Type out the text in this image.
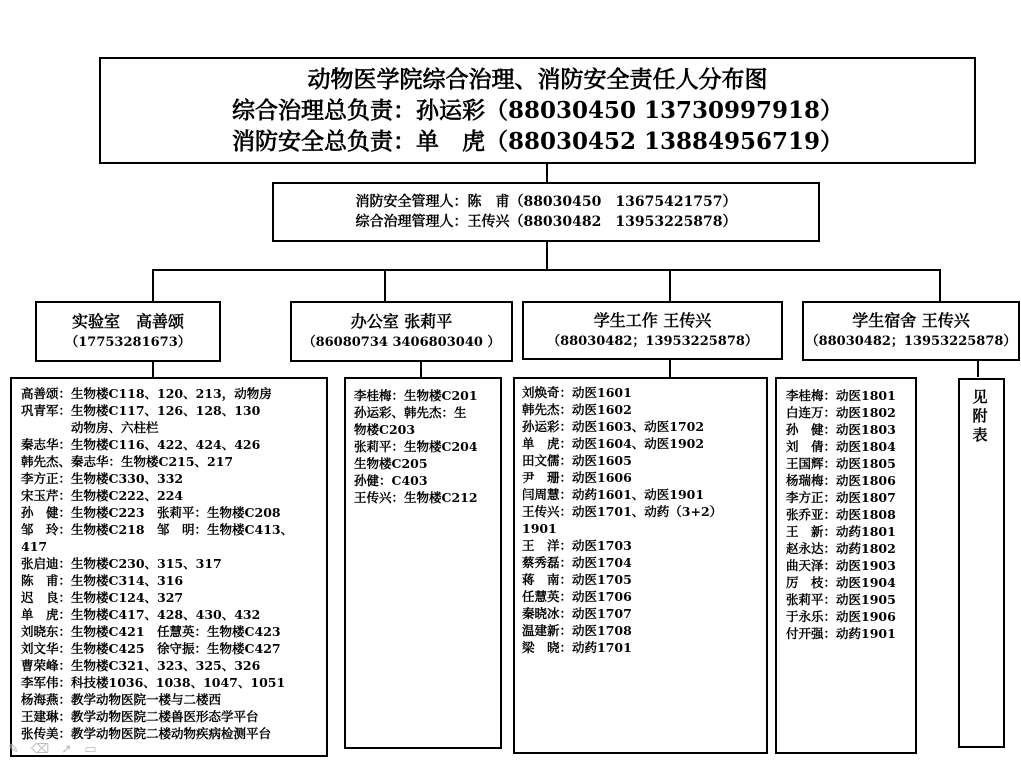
动物医学院综合治理、消防安全责任人分布图
综合治理总负责：孙运彩（88030450 13730997918）
消防安全总负责：单　虎（88030452 13884956719）
消防安全管理人：陈　甫（88030450　13675421757）
综合治理管理人：王传兴（88030482　13953225878）
实验室　高善颂
（17753281673）
办公室 张莉平
（86080734 3406803040 ）
学生工作 王传兴
（88030482；13953225878）
学生宿舍 王传兴
（88030482；13953225878）
高善颂：生物楼C118、120、213，动物房
巩青军：生物楼C117、126、128、130
　　　　动物房、六柱栏
秦志华：生物楼C116、422、424、426
韩先杰、秦志华：生物楼C215、217
李方正：生物楼C330、332
宋玉芹：生物楼C222、224
孙　健：生物楼C223　张莉平：生物楼C208
邹　玲：生物楼C218　邹　明：生物楼C413、
417
张启迪：生物楼C230、315、317
陈　甫：生物楼C314、316
迟　良：生物楼C124、327
单　虎：生物楼C417、428、430、432
刘晓东：生物楼C421　任慧英：生物楼C423
刘文华：生物楼C425　徐守振：生物楼C427
曹荣峰：生物楼C321、323、325、326
李军伟：科技楼1036、1038、1047、1051
杨海燕：教学动物医院一楼与二楼西
王建琳：教学动物医院二楼兽医形态学平台
张传美：教学动物医院二楼动物疾病检测平台
李桂梅：生物楼C201
孙运彩、韩先杰：生
物楼C203
张莉平：生物楼C204
生物楼C205
孙健：C403
王传兴：生物楼C212
刘焕奇：动医1601
韩先杰：动医1602
孙运彩：动医1603、动医1702
单　虎：动医1604、动医1902
田文儒：动医1605
尹　珊：动医1606
闫周慧：动药1601、动医1901
王传兴：动医1701、动药（3+2）
1901
王　洋：动医1703
蔡秀磊：动医1704
蒋　南：动医1705
任慧英：动医1706
秦晓冰：动医1707
温建新：动医1708
梁　晓：动药1701
李桂梅：动医1801
白连万：动医1802
孙　健：动医1803
刘　倩：动医1804
王国辉：动医1805
杨瑞梅：动医1806
李方正：动医1807
张乔亚：动医1808
王　新：动药1801
赵永达：动药1802
曲天泽：动医1903
厉　枝：动医1904
张莉平：动医1905
于永乐：动医1906
付开强：动药1901
见附表
✎ ⌫ ➚ ▭
